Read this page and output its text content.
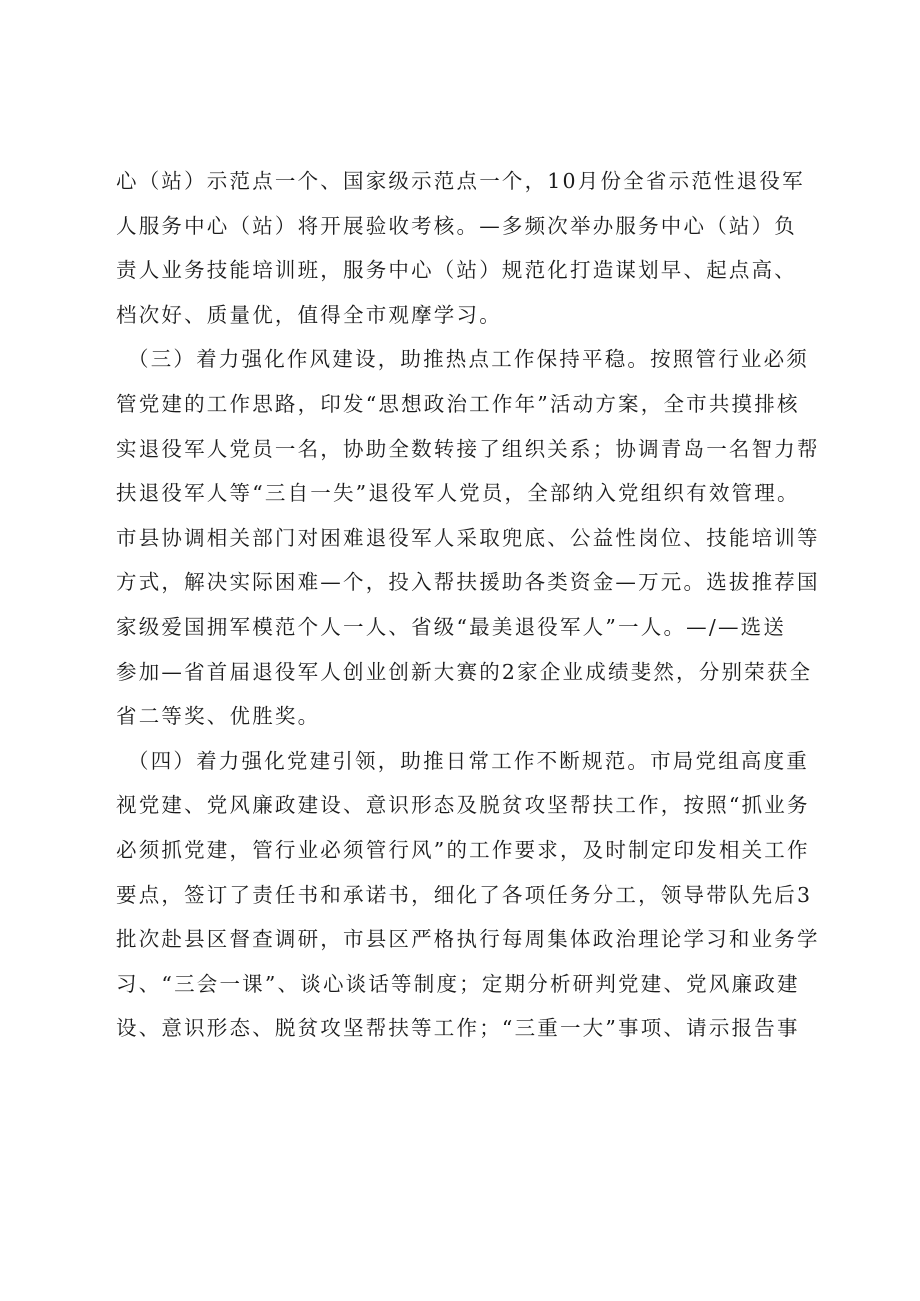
心（站）示范点一个、国家级示范点一个，10月份全省示范性退役军
人服务中心（站）将开展验收考核。—多频次举办服务中心（站）负
责人业务技能培训班，服务中心（站）规范化打造谋划早、起点高、
档次好、质量优，值得全市观摩学习。
（三）着力强化作风建设，助推热点工作保持平稳。按照管行业必须
管党建的工作思路，印发“思想政治工作年”活动方案，全市共摸排核
实退役军人党员一名，协助全数转接了组织关系；协调青岛一名智力帮
扶退役军人等“三自一失”退役军人党员，全部纳入党组织有效管理。
市县协调相关部门对困难退役军人采取兜底、公益性岗位、技能培训等
方式，解决实际困难—个，投入帮扶援助各类资金—万元。选拔推荐国
家级爱国拥军模范个人一人、省级“最美退役军人”一人。—/—选送
参加—省首届退役军人创业创新大赛的2家企业成绩斐然，分别荣获全
省二等奖、优胜奖。
（四）着力强化党建引领，助推日常工作不断规范。市局党组高度重
视党建、党风廉政建设、意识形态及脱贫攻坚帮扶工作，按照“抓业务
必须抓党建，管行业必须管行风”的工作要求，及时制定印发相关工作
要点，签订了责任书和承诺书，细化了各项任务分工，领导带队先后3
批次赴县区督查调研，市县区严格执行每周集体政治理论学习和业务学
习、“三会一课”、谈心谈话等制度；定期分析研判党建、党风廉政建
设、意识形态、脱贫攻坚帮扶等工作；“三重一大”事项、请示报告事
